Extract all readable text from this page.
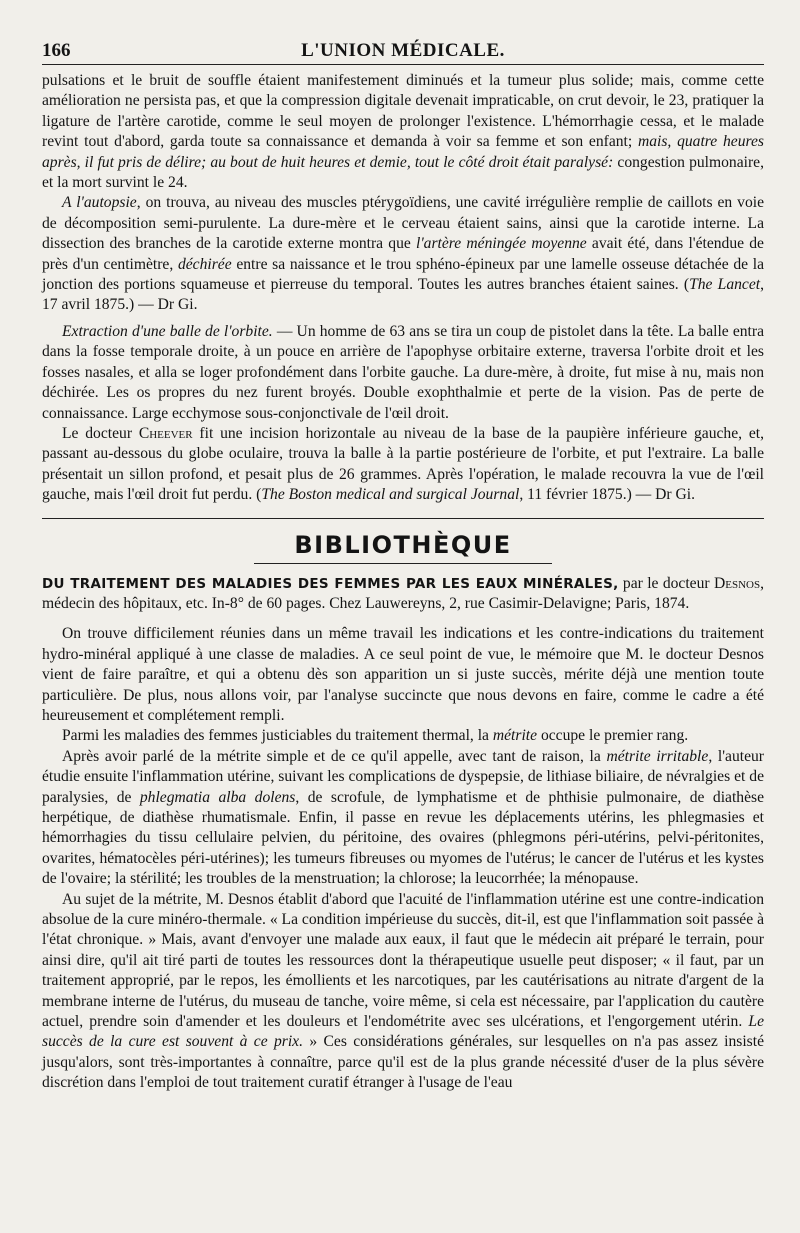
166	L'UNION MÉDICALE.

pulsations et le bruit de souffle étaient manifestement diminués et la tumeur plus solide; mais, comme cette amélioration ne persista pas, et que la compression digitale devenait impraticable, on crut devoir, le 23, pratiquer la ligature de l'artère carotide, comme le seul moyen de prolonger l'existence. L'hémorrhagie cessa, et le malade revint tout d'abord, garda toute sa connaissance et demanda à voir sa femme et son enfant; mais, quatre heures après, il fut pris de délire; au bout de huit heures et demie, tout le côté droit était paralysé: congestion pulmonaire, et la mort survint le 24.

A l'autopsie, on trouva, au niveau des muscles ptérygoïdiens, une cavité irrégulière remplie de caillots en voie de décomposition semi-purulente. La dure-mère et le cerveau étaient sains, ainsi que la carotide interne. La dissection des branches de la carotide externe montra que l'artère méningée moyenne avait été, dans l'étendue de près d'un centimètre, déchirée entre sa naissance et le trou sphéno-épineux par une lamelle osseuse détachée de la jonction des portions squameuse et pierreuse du temporal. Toutes les autres branches étaient saines. (The Lancet, 17 avril 1875.) — Dr Gi.

Extraction d'une balle de l'orbite. — Un homme de 63 ans se tira un coup de pistolet dans la tête. La balle entra dans la fosse temporale droite, à un pouce en arrière de l'apophyse orbitaire externe, traversa l'orbite droit et les fosses nasales, et alla se loger profondément dans l'orbite gauche. La dure-mère, à droite, fut mise à nu, mais non déchirée. Les os propres du nez furent broyés. Double exophthalmie et perte de la vision. Pas de perte de connaissance. Large ecchymose sous-conjonctivale de l'œil droit.

Le docteur Cheever fit une incision horizontale au niveau de la base de la paupière inférieure gauche, et, passant au-dessous du globe oculaire, trouva la balle à la partie postérieure de l'orbite, et put l'extraire. La balle présentait un sillon profond, et pesait plus de 26 grammes. Après l'opération, le malade recouvra la vue de l'œil gauche, mais l'œil droit fut perdu. (The Boston medical and surgical Journal, 11 février 1875.) — Dr Gi.

BIBLIOTHÈQUE

DU TRAITEMENT DES MALADIES DES FEMMES PAR LES EAUX MINÉRALES, par le docteur Desnos, médecin des hôpitaux, etc. In-8° de 60 pages. Chez Lauwereyns, 2, rue Casimir-Delavigne; Paris, 1874.

On trouve difficilement réunies dans un même travail les indications et les contre-indications du traitement hydro-minéral appliqué à une classe de maladies. A ce seul point de vue, le mémoire que M. le docteur Desnos vient de faire paraître, et qui a obtenu dès son apparition un si juste succès, mérite déjà une mention toute particulière. De plus, nous allons voir, par l'analyse succincte que nous devons en faire, comme le cadre a été heureusement et complétement rempli.

Parmi les maladies des femmes justiciables du traitement thermal, la métrite occupe le premier rang.

Après avoir parlé de la métrite simple et de ce qu'il appelle, avec tant de raison, la métrite irritable, l'auteur étudie ensuite l'inflammation utérine, suivant les complications de dyspepsie, de lithiase biliaire, de névralgies et de paralysies, de phlegmatia alba dolens, de scrofule, de lymphatisme et de phthisie pulmonaire, de diathèse herpétique, de diathèse rhumatismale. Enfin, il passe en revue les déplacements utérins, les phlegmasies et hémorrhagies du tissu cellulaire pelvien, du péritoine, des ovaires (phlegmons péri-utérins, pelvi-péritonites, ovarites, hématocèles péri-utérines); les tumeurs fibreuses ou myomes de l'utérus; le cancer de l'utérus et les kystes de l'ovaire; la stérilité; les troubles de la menstruation; la chlorose; la leucorrhée; la ménopause.

Au sujet de la métrite, M. Desnos établit d'abord que l'acuité de l'inflammation utérine est une contre-indication absolue de la cure minéro-thermale. « La condition impérieuse du succès, dit-il, est que l'inflammation soit passée à l'état chronique. » Mais, avant d'envoyer une malade aux eaux, il faut que le médecin ait préparé le terrain, pour ainsi dire, qu'il ait tiré parti de toutes les ressources dont la thérapeutique usuelle peut disposer; « il faut, par un traitement approprié, par le repos, les émollients et les narcotiques, par les cautérisations au nitrate d'argent de la membrane interne de l'utérus, du museau de tanche, voire même, si cela est nécessaire, par l'application du cautère actuel, prendre soin d'amender et les douleurs et l'endométrite avec ses ulcérations, et l'engorgement utérin. Le succès de la cure est souvent à ce prix. » Ces considérations générales, sur lesquelles on n'a pas assez insisté jusqu'alors, sont très-importantes à connaître, parce qu'il est de la plus grande nécessité d'user de la plus sévère discrétion dans l'emploi de tout traitement curatif étranger à l'usage de l'eau
